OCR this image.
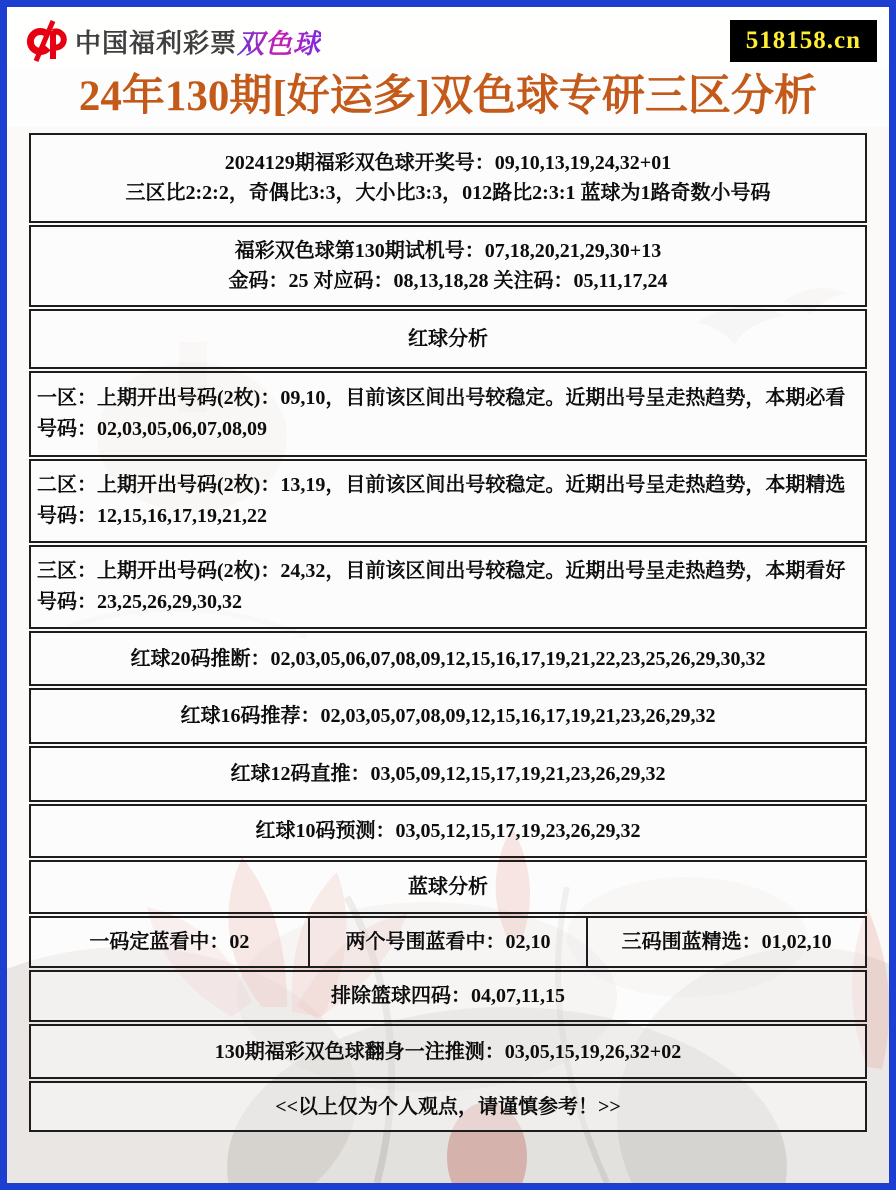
中国福利彩票 双色球	518158.cn
24年130期[好运多]双色球专研三区分析
2024129期福彩双色球开奖号：09,10,13,19,24,32+01
三区比2:2:2，奇偶比3:3，大小比3:3，012路比2:3:1 蓝球为1路奇数小号码
福彩双色球第130期试机号：07,18,20,21,29,30+13
金码：25 对应码：08,13,18,28 关注码：05,11,17,24
红球分析
一区：上期开出号码(2枚)：09,10，目前该区间出号较稳定。近期出号呈走热趋势，本期必看号码：02,03,05,06,07,08,09
二区：上期开出号码(2枚)：13,19，目前该区间出号较稳定。近期出号呈走热趋势，本期精选号码：12,15,16,17,19,21,22
三区：上期开出号码(2枚)：24,32，目前该区间出号较稳定。近期出号呈走热趋势，本期看好号码：23,25,26,29,30,32
红球20码推断：02,03,05,06,07,08,09,12,15,16,17,19,21,22,23,25,26,29,30,32
红球16码推荐：02,03,05,07,08,09,12,15,16,17,19,21,23,26,29,32
红球12码直推：03,05,09,12,15,17,19,21,23,26,29,32
红球10码预测：03,05,12,15,17,19,23,26,29,32
蓝球分析
一码定蓝看中：02	两个号围蓝看中：02,10	三码围蓝精选：01,02,10
排除篮球四码：04,07,11,15
130期福彩双色球翻身一注推测：03,05,15,19,26,32+02
<<以上仅为个人观点，请谨慎参考！>>
